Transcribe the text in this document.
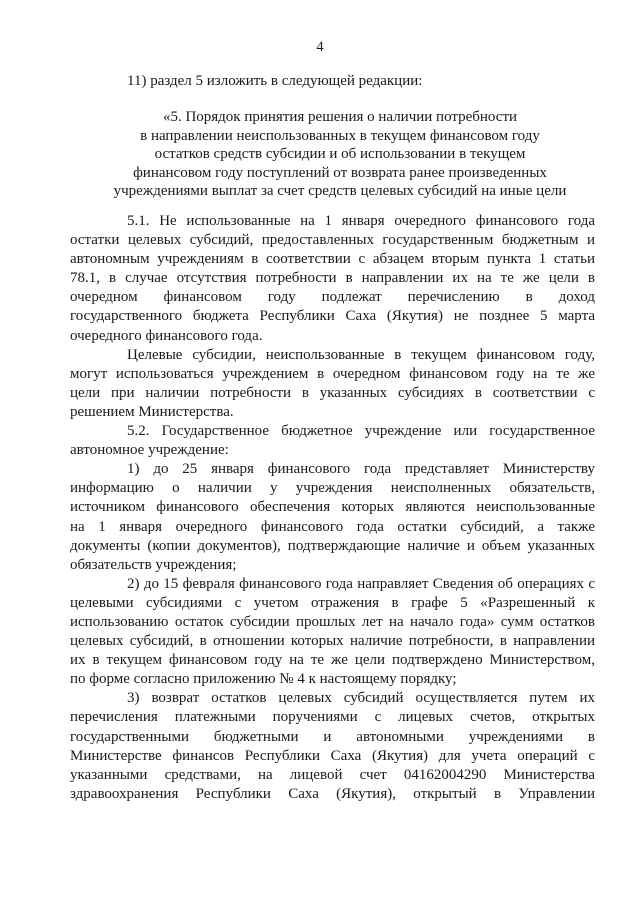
4
11) раздел 5 изложить в следующей редакции:
«5. Порядок принятия решения о наличии потребности
в направлении неиспользованных в текущем финансовом году
остатков средств субсидии и об использовании в текущем
финансовом году поступлений от возврата ранее произведенных
учреждениями выплат за счет средств целевых субсидий на иные цели
5.1. Не использованные на 1 января очередного финансового года
остатки целевых субсидий, предоставленных государственным бюджетным и
автономным учреждениям в соответствии с абзацем вторым пункта 1 статьи
78.1, в случае отсутствия потребности в направлении их на те же цели в
очередном финансовом году подлежат перечислению в доход
государственного бюджета Республики Саха (Якутия) не позднее 5 марта
очередного финансового года.
Целевые субсидии, неиспользованные в текущем финансовом году,
могут использоваться учреждением в очередном финансовом году на те же
цели при наличии потребности в указанных субсидиях в соответствии с
решением Министерства.
5.2. Государственное бюджетное учреждение или государственное
автономное учреждение:
1) до 25 января финансового года представляет Министерству
информацию о наличии у учреждения неисполненных обязательств,
источником финансового обеспечения которых являются неиспользованные
на 1 января очередного финансового года остатки субсидий, а также
документы (копии документов), подтверждающие наличие и объем указанных
обязательств учреждения;
2) до 15 февраля финансового года направляет Сведения об операциях с
целевыми субсидиями с учетом отражения в графе 5 «Разрешенный к
использованию остаток субсидии прошлых лет на начало года» сумм остатков
целевых субсидий, в отношении которых наличие потребности, в направлении
их в текущем финансовом году на те же цели подтверждено Министерством,
по форме согласно приложению № 4 к настоящему порядку;
3) возврат остатков целевых субсидий осуществляется путем их
перечисления платежными поручениями с лицевых счетов, открытых
государственными бюджетными и автономными учреждениями в
Министерстве финансов Республики Саха (Якутия) для учета операций с
указанными средствами, на лицевой счет 04162004290 Министерства
здравоохранения Республики Саха (Якутия), открытый в Управлении
